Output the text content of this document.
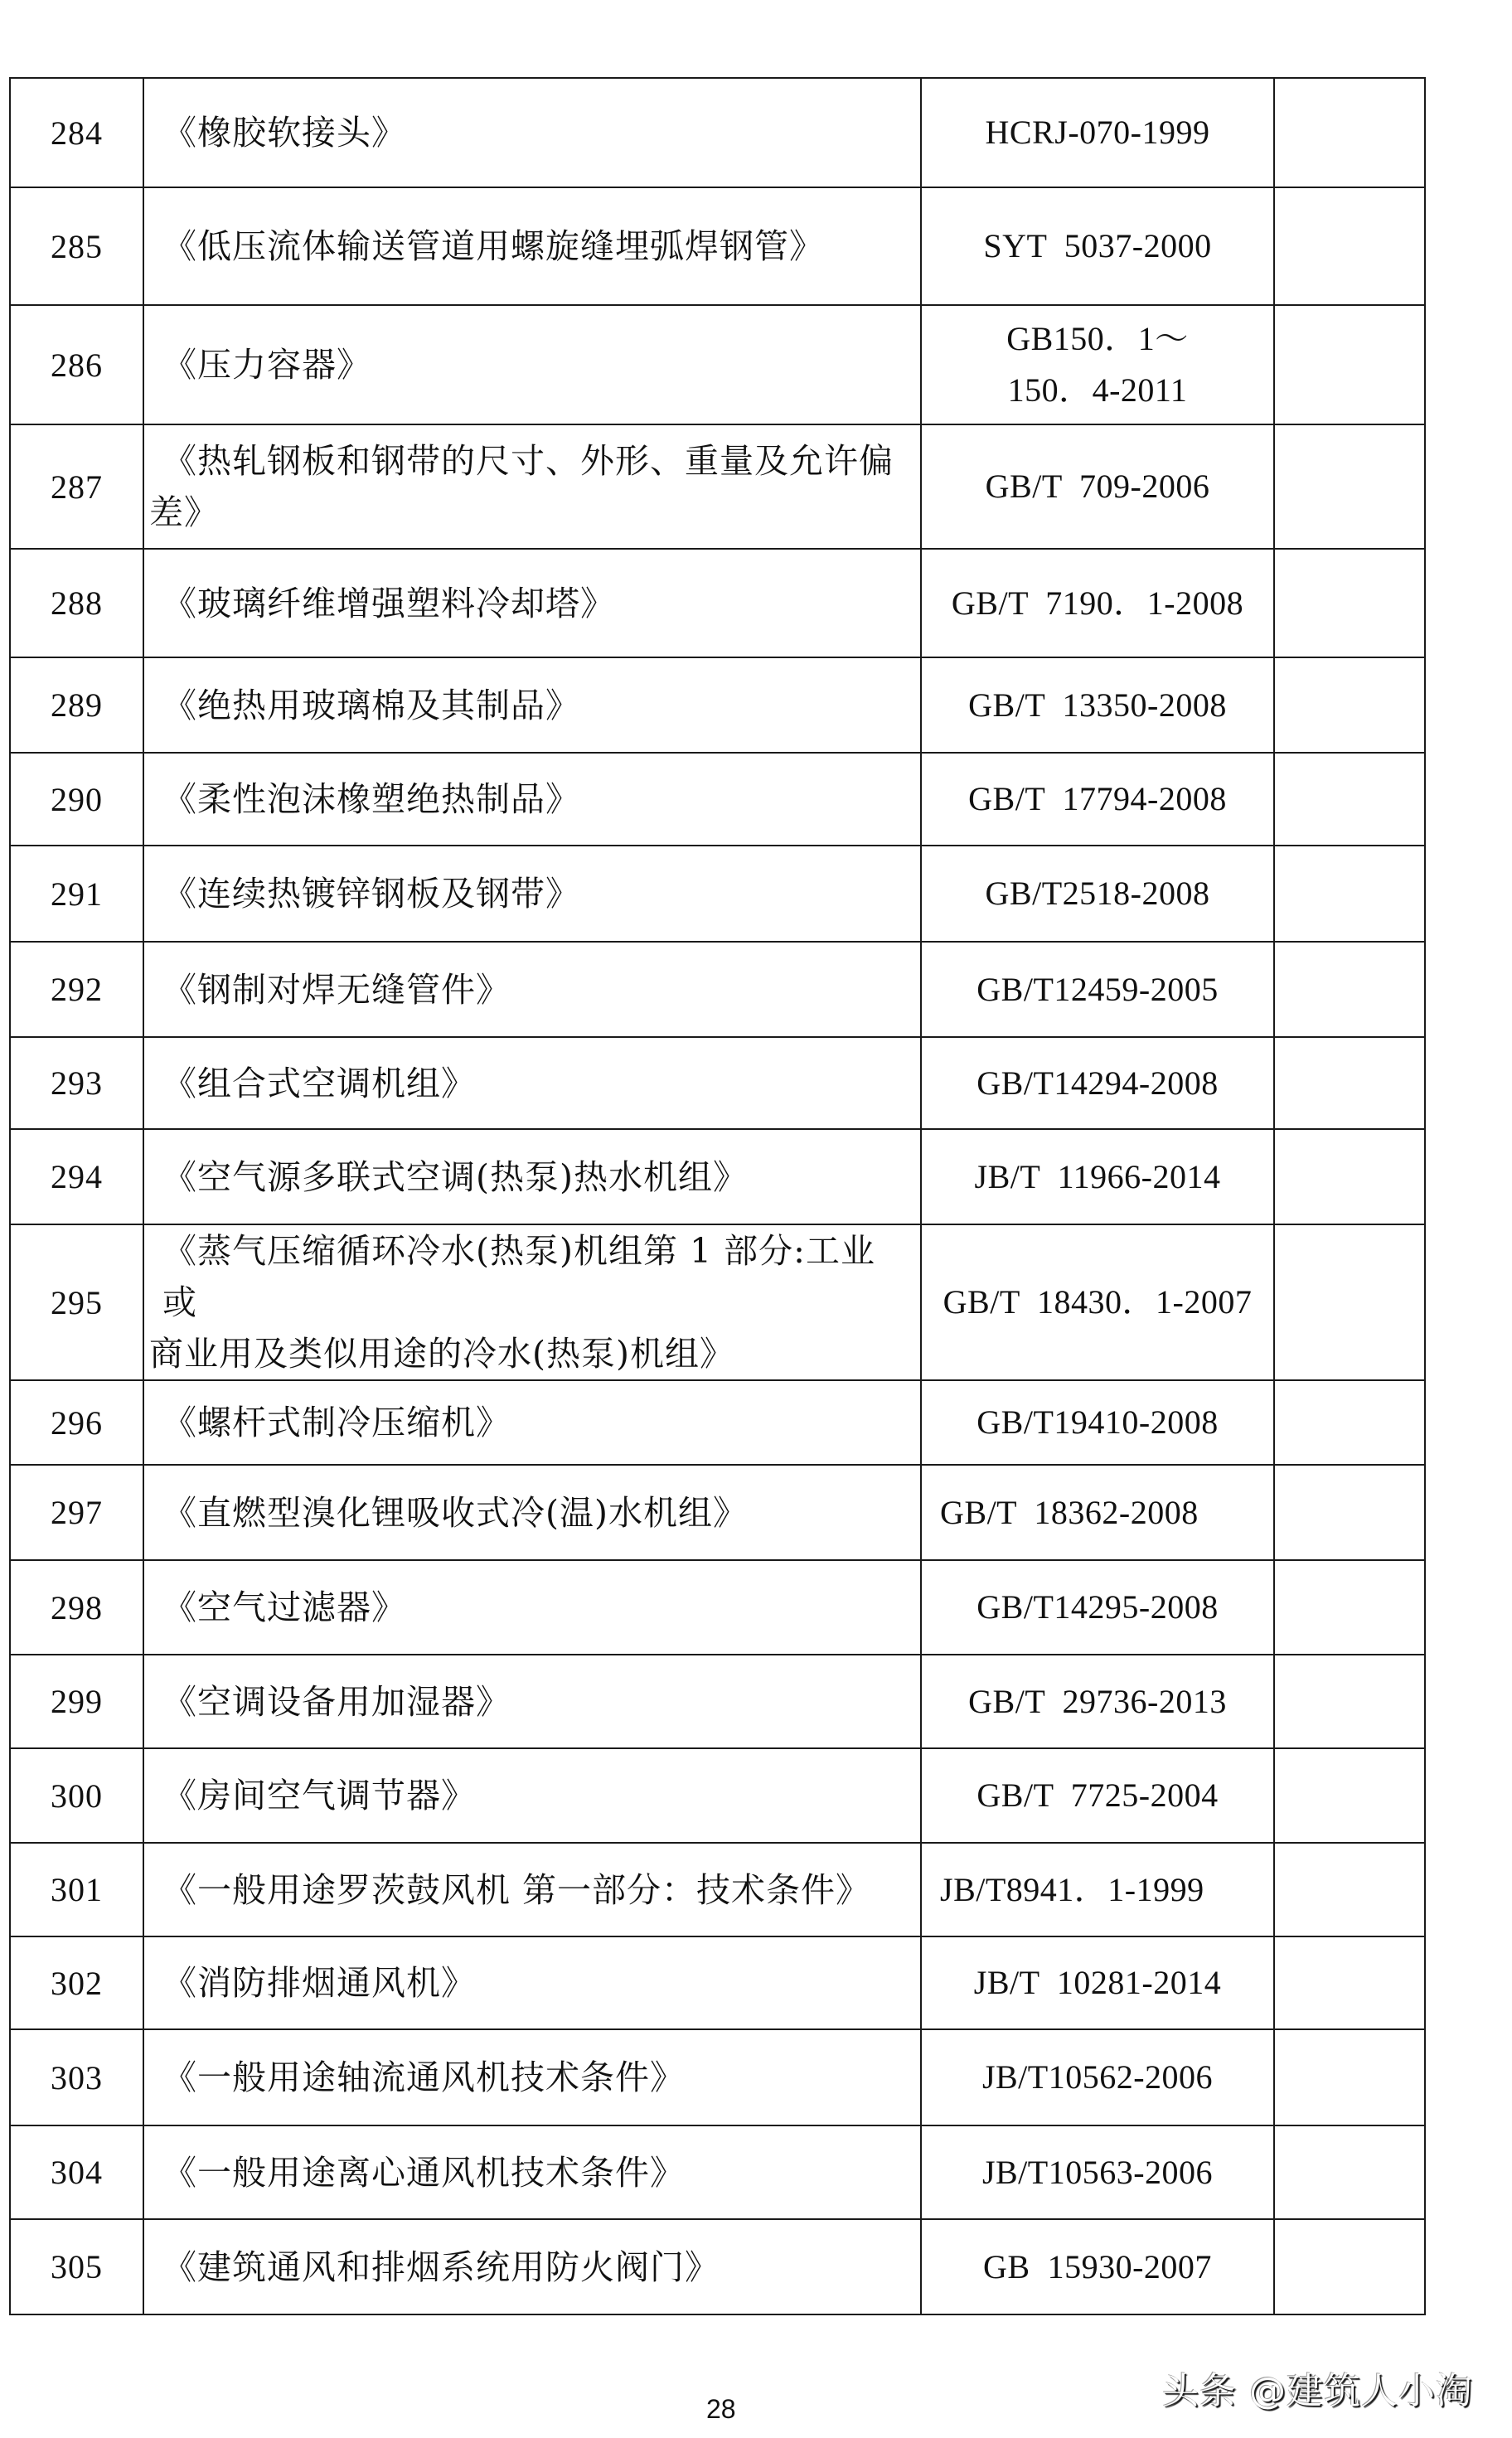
284	《橡胶软接头》	HCRJ-070-1999	

285	《低压流体输送管道用螺旋缝埋弧焊钢管》	SYT  5037-2000	

286	《压力容器》	GB150．1～
150．4-2011	

287	《热轧钢板和钢带的尺寸、外形、重量及允许偏
差》	GB/T  709-2006	

288	《玻璃纤维增强塑料冷却塔》	GB/T  7190．1-2008	

289	《绝热用玻璃棉及其制品》	GB/T  13350-2008	

290	《柔性泡沫橡塑绝热制品》	GB/T  17794-2008	

291	《连续热镀锌钢板及钢带》	GB/T2518-2008	

292	《钢制对焊无缝管件》	GB/T12459-2005	

293	《组合式空调机组》	GB/T14294-2008	

294	《空气源多联式空调(热泵)热水机组》	JB/T  11966-2014	

295	《蒸气压缩循环冷水(热泵)机组第 1 部分:工业或
商业用及类似用途的冷水(热泵)机组》	GB/T  18430．1-2007	

296	《螺杆式制冷压缩机》	GB/T19410-2008	

297	《直燃型溴化锂吸收式冷(温)水机组》	GB/T  18362-2008	

298	《空气过滤器》	GB/T14295-2008	

299	《空调设备用加湿器》	GB/T  29736-2013	

300	《房间空气调节器》	GB/T  7725-2004	

301	《一般用途罗茨鼓风机 第一部分：技术条件》	JB/T8941．1-1999	

302	《消防排烟通风机》	JB/T  10281-2014	

303	《一般用途轴流通风机技术条件》	JB/T10562-2006	

304	《一般用途离心通风机技术条件》	JB/T10563-2006	

305	《建筑通风和排烟系统用防火阀门》	GB  15930-2007	

28	头条 @建筑人小淘
